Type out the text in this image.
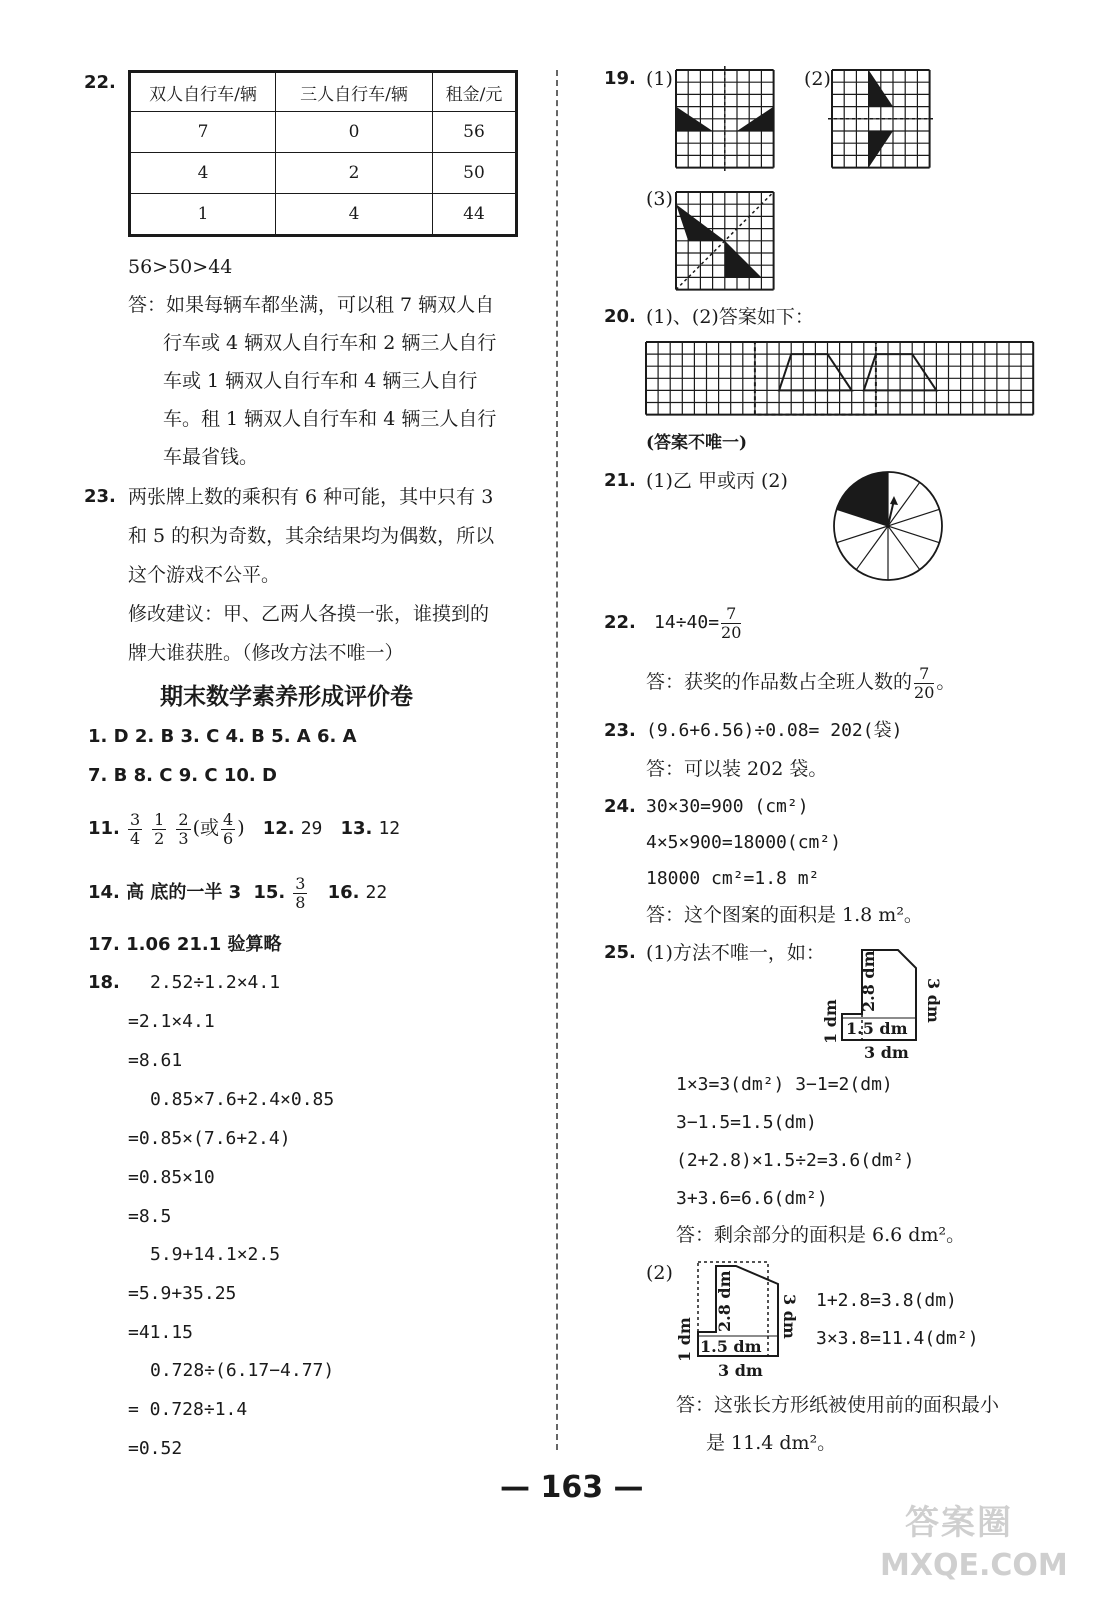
22.
双人自行车/辆	三人自行车/辆	租金/元
7	0	56
4	2	50
1	4	44
56>50>44
答：如果每辆车都坐满，可以租 7 辆双人自
行车或 4 辆双人自行车和 2 辆三人自行
车或 1 辆双人自行车和 4 辆三人自行
车。租 1 辆双人自行车和 4 辆三人自行
车最省钱。
23. 两张牌上数的乘积有 6 种可能，其中只有 3
和 5 的积为奇数，其余结果均为偶数，所以
这个游戏不公平。
修改建议：甲、乙两人各摸一张，谁摸到的
牌大谁获胜。（修改方法不唯一）
期末数学素养形成评价卷
1. D 2. B 3. C 4. B 5. A 6. A
7. B 8. C 9. C 10. D
11. $\frac{3}{4}$
$\frac{1}{2}$
$\frac{2}{3}$ (或 $\frac{4}{6}$ ) 12. 29 13. 12
14. 高 底的一半 3 15. $\frac{3}{8} 16$. 22
17. 1.06 21.1 验算略
18. 2.52÷1.2×4.1
=2.1×4.1
=8.61
0.85×7.6+2.4×0.85
=0.85×(7.6+2.4)
=0.85×10
=8.5
5.9+14.1×2.5
=5.9+35.25
=41.15
0.728÷(6.17−4.77)
= 0.728÷1.4
=0.52
19. (1)	(2)
(3)
20. (1)、(2)答案如下：
(答案不唯一)
21. (1)乙 甲或丙 (2)
22. $14\div 40= \frac{7}{20}$
答：获奖的作品数占全班人数的 $\frac{7}{20}$ 。
23. (9.6+6.56)÷0.08= 202(袋)
答：可以装 202 袋。
24. 30×30=900 (cm²)
4×5×900=18000(cm²)
18000 cm²=1.8 m²
答：这个图案的面积是 1.8 m²。
25. (1)方法不唯一，如： 2.8 dm	3 dm
1 dm 1.5 dm
3 dm
1×3=3(dm²) 3−1=2(dm)
3−1.5=1.5(dm)
(2+2.8)×1.5÷2=3.6(dm²)
3+3.6=6.6(dm²)
答：剩余部分的面积是 6.6 dm²。
(2)	2.8 dm	3 dm
1 dm 1.5 dm
3 dm
1+2.8=3.8(dm)
3×3.8=11.4(dm²)
答：这张长方形纸被使用前的面积最小
是 11.4 dm²。
— 163 —
答案圈
MXQE.COM
